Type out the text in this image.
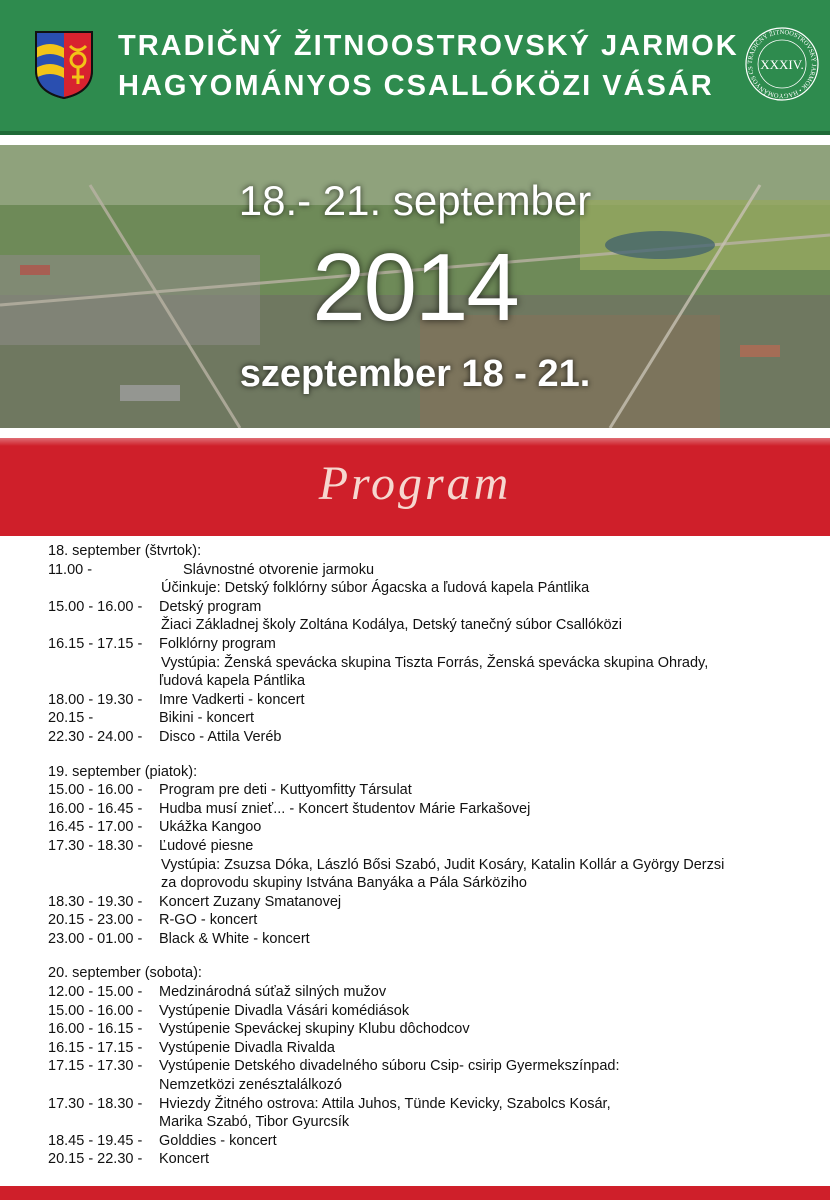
TRADIČNÝ ŽITNOOSTROVSKÝ JARMOK
HAGYOMÁNYOS CSALLÓKÖZI VÁSÁR
TRADIČNÝ ŽITNOOSTROVSKÝ JARMOK • HAGYOMÁNYOS CS XXXIV.
18.- 21. september
2014
szeptember 18 - 21.
Program
18. september (štvrtok):
11.00 -	Slávnostné otvorenie jarmoku
Účinkuje: Detský folklórny súbor Ágacska a ľudová kapela Pántlika
15.00 - 16.00 -	Detský program
Žiaci Základnej školy Zoltána Kodálya, Detský tanečný súbor Csallóközi
16.15 - 17.15 -	Folklórny program
Vystúpia: Ženská spevácka skupina Tiszta Forrás, Ženská spevácka skupina Ohrady,
ľudová kapela Pántlika
18.00 - 19.30 -	Imre Vadkerti - koncert
20.15 -	Bikini - koncert
22.30 - 24.00 -	Disco - Attila Veréb
19. september (piatok):
15.00 - 16.00 -	Program pre deti - Kuttyomfitty Társulat
16.00 - 16.45 -	Hudba musí znieť... - Koncert študentov Márie Farkašovej
16.45 - 17.00 -	Ukážka Kangoo
17.30 - 18.30 -	Ľudové piesne
Vystúpia: Zsuzsa Dóka, László Bősi Szabó, Judit Kosáry, Katalin Kollár a György Derzsi
za doprovodu skupiny Istvána Banyáka a Pála Sárköziho
18.30 - 19.30 -	Koncert Zuzany Smatanovej
20.15 - 23.00 -	R-GO - koncert
23.00 - 01.00 -	Black & White - koncert
20. september (sobota):
12.00 - 15.00 -	Medzinárodná súťaž silných mužov
15.00 - 16.00 -	Vystúpenie Divadla Vásári komédiások
16.00 - 16.15 -	Vystúpenie Speváckej skupiny Klubu dôchodcov
16.15 - 17.15 -	Vystúpenie Divadla Rivalda
17.15 - 17.30 -	Vystúpenie Detského divadelného súboru Csip- csirip Gyermekszínpad:
Nemzetközi zenésztalálkozó
17.30 - 18.30 -	Hviezdy Žitného ostrova: Attila Juhos, Tünde Kevicky, Szabolcs Kosár,
Marika Szabó, Tibor Gyurcsík
18.45 - 19.45 -	Golddies - koncert
20.15 - 22.30 -	Koncert
